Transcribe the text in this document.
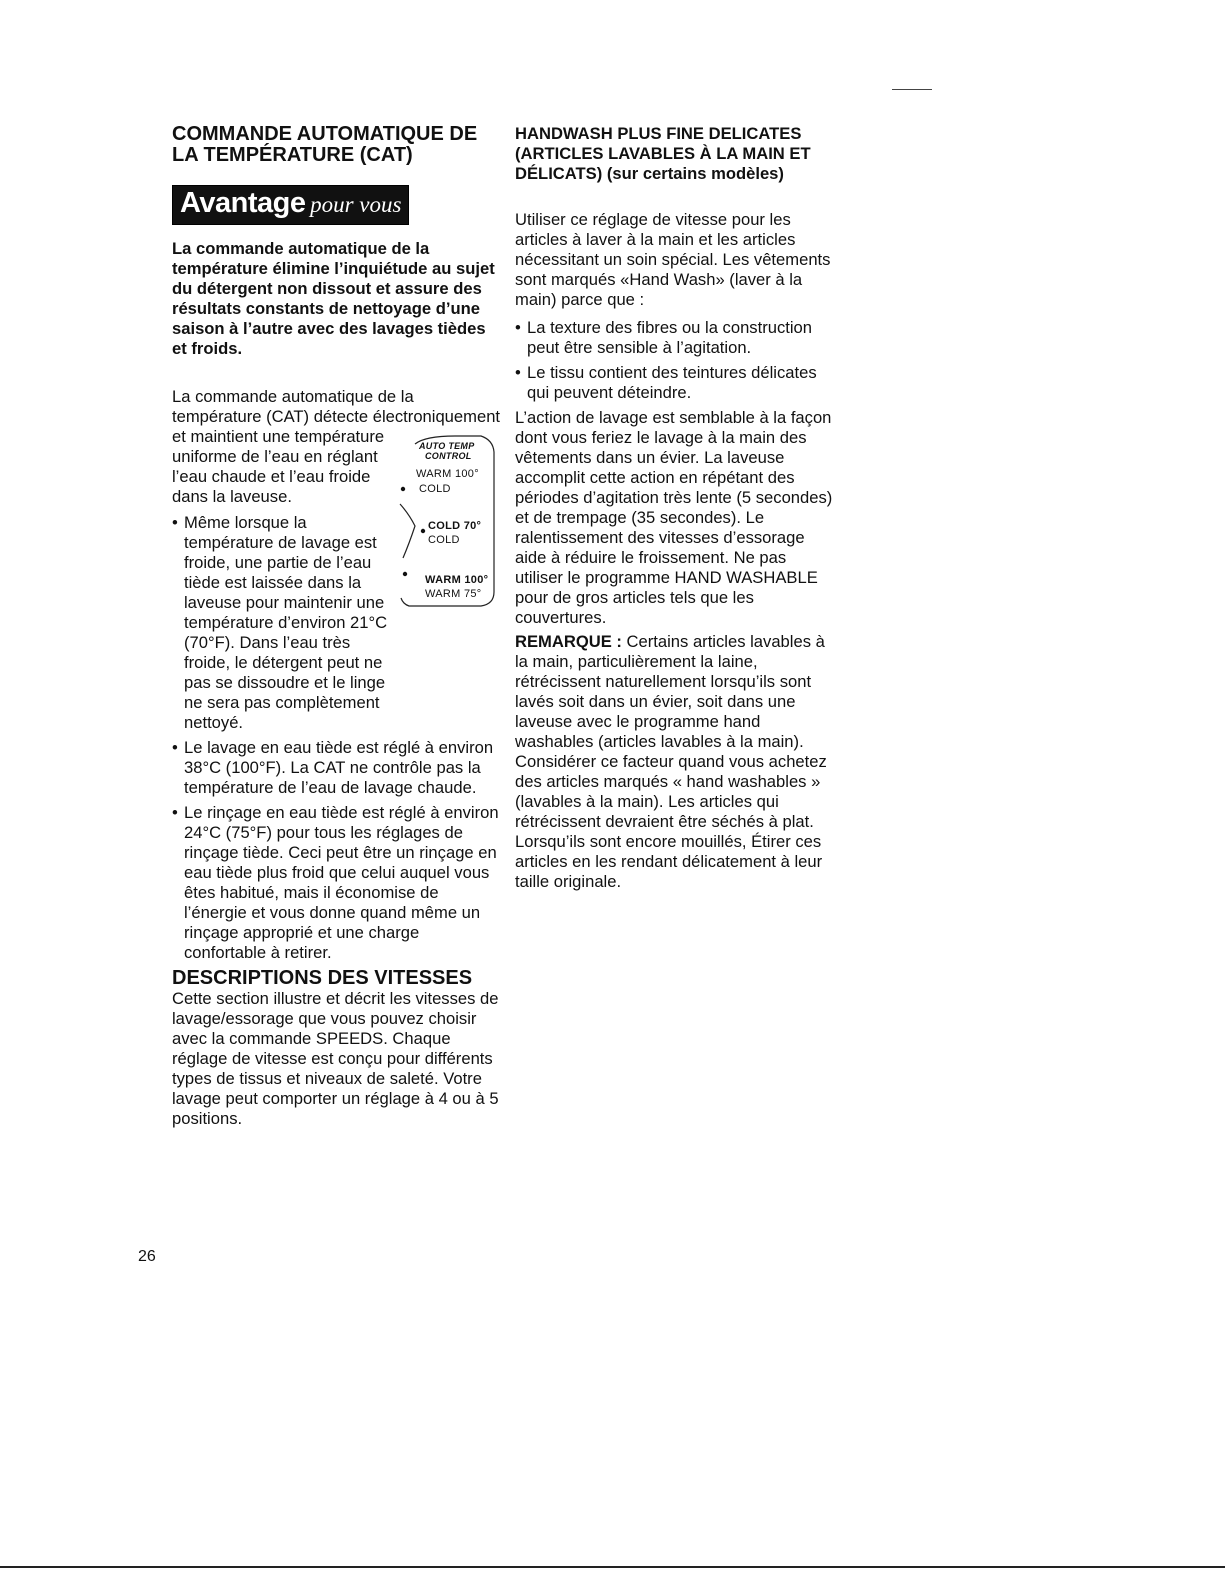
COMMANDE AUTOMATIQUE DE LA TEMPÉRATURE (CAT)
Avantage pour vous

La commande automatique de la température élimine l’inquiétude au sujet du détergent non dissout et assure des résultats constants de nettoyage d’une saison à l’autre avec des lavages tièdes et froids.

La commande automatique de la température (CAT) détecte électroniquement et maintient une température

uniforme de l’eau en réglant l’eau chaude et l’eau froide dans la laveuse.

• Même lorsque la température de lavage est froide, une partie de l’eau tiède est laissée dans la laveuse pour maintenir une température d’environ 21°C (70°F). Dans l’eau très froide, le détergent peut ne pas se dissoudre et le linge ne sera pas complètement nettoyé.
• Le lavage en eau tiède est réglé à environ 38°C (100°F). La CAT ne contrôle pas la température de l’eau de lavage chaude.
• Le rinçage en eau tiède est réglé à environ 24°C (75°F) pour tous les réglages de rinçage tiède. Ceci peut être un rinçage en eau tiède plus froid que celui auquel vous êtes habitué, mais il économise de l’énergie et vous donne quand même un rinçage approprié et une charge confortable à retirer.
DESCRIPTIONS DES VITESSES

Cette section illustre et décrit les vitesses de lavage/essorage que vous pouvez choisir avec la commande SPEEDS. Chaque réglage de vitesse est conçu pour différents types de tissus et niveaux de saleté. Votre lavage peut comporter un réglage à 4 ou à 5 positions.

AUTO TEMP
CONTROL
WARM 100°
COLD
COLD 70°
COLD
WARM 100°
WARM 75°
HANDWASH PLUS FINE DELICATES (ARTICLES LAVABLES À LA MAIN ET DÉLICATS) (sur certains modèles)

Utiliser ce réglage de vitesse pour les articles à laver à la main et les articles nécessitant un soin spécial. Les vêtements sont marqués «Hand Wash» (laver à la main) parce que :

• La texture des fibres ou la construction peut être sensible à l’agitation.
• Le tissu contient des teintures délicates qui peuvent déteindre.

L’action de lavage est semblable à la façon dont vous feriez le lavage à la main des vêtements dans un évier. La laveuse accomplit cette action en répétant des périodes d’agitation très lente (5 secondes) et de trempage (35 secondes). Le ralentissement des vitesses d’essorage aide à réduire le froissement. Ne pas utiliser le programme HAND WASHABLE pour de gros articles tels que les couvertures.

REMARQUE : Certains articles lavables à la main, particulièrement la laine, rétrécissent naturellement lorsqu’ils sont lavés soit dans un évier, soit dans une laveuse avec le programme hand washables (articles lavables à la main). Considérer ce facteur quand vous achetez des articles marqués « hand washables » (lavables à la main). Les articles qui rétrécissent devraient être séchés à plat. Lorsqu’ils sont encore mouillés, Étirer ces articles en les rendant délicatement à leur taille originale.

26
